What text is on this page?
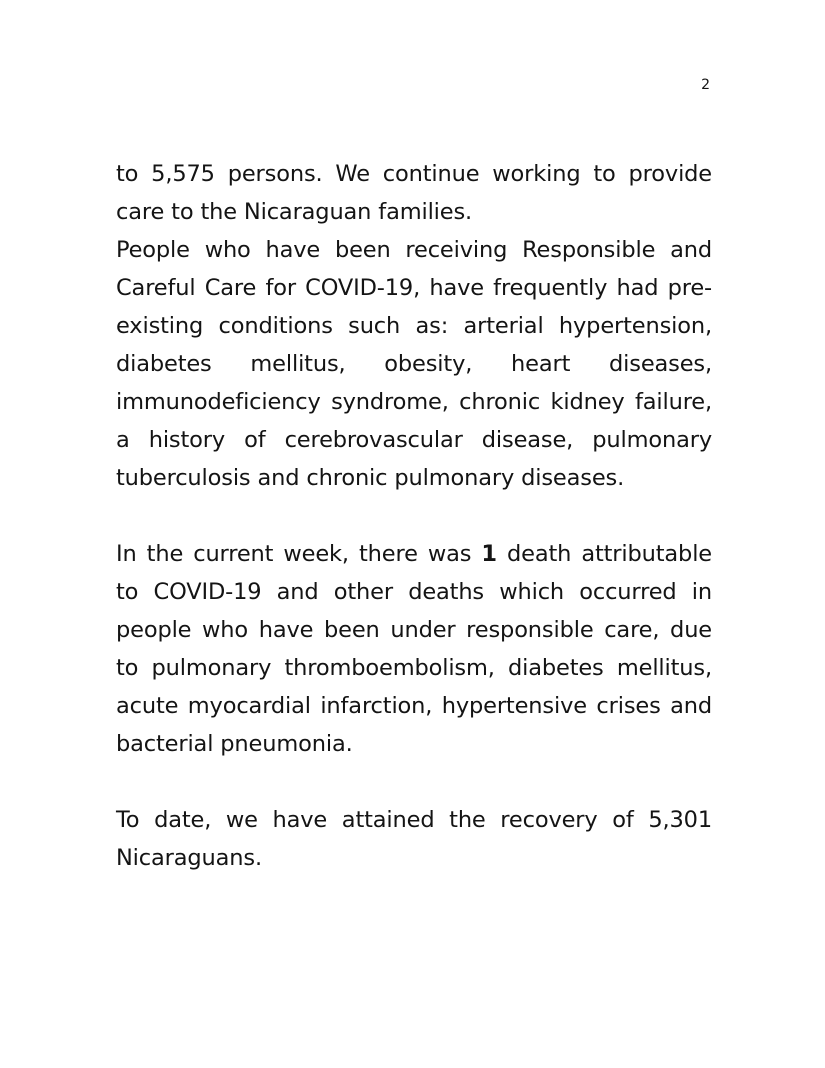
2

to 5,575 persons. We continue working to provide care to the Nicaraguan families.

People who have been receiving Responsible and Careful Care for COVID-19, have frequently had pre-existing conditions such as: arterial hypertension, diabetes mellitus, obesity, heart diseases, immunodeficiency syndrome, chronic kidney failure, a history of cerebrovascular disease, pulmonary tuberculosis and chronic pulmonary diseases.

In the current week, there was 1 death attributable to COVID-19 and other deaths which occurred in people who have been under responsible care, due to pulmonary thromboembolism, diabetes mellitus, acute myocardial infarction, hypertensive crises and bacterial pneumonia.

To date, we have attained the recovery of 5,301 Nicaraguans.
